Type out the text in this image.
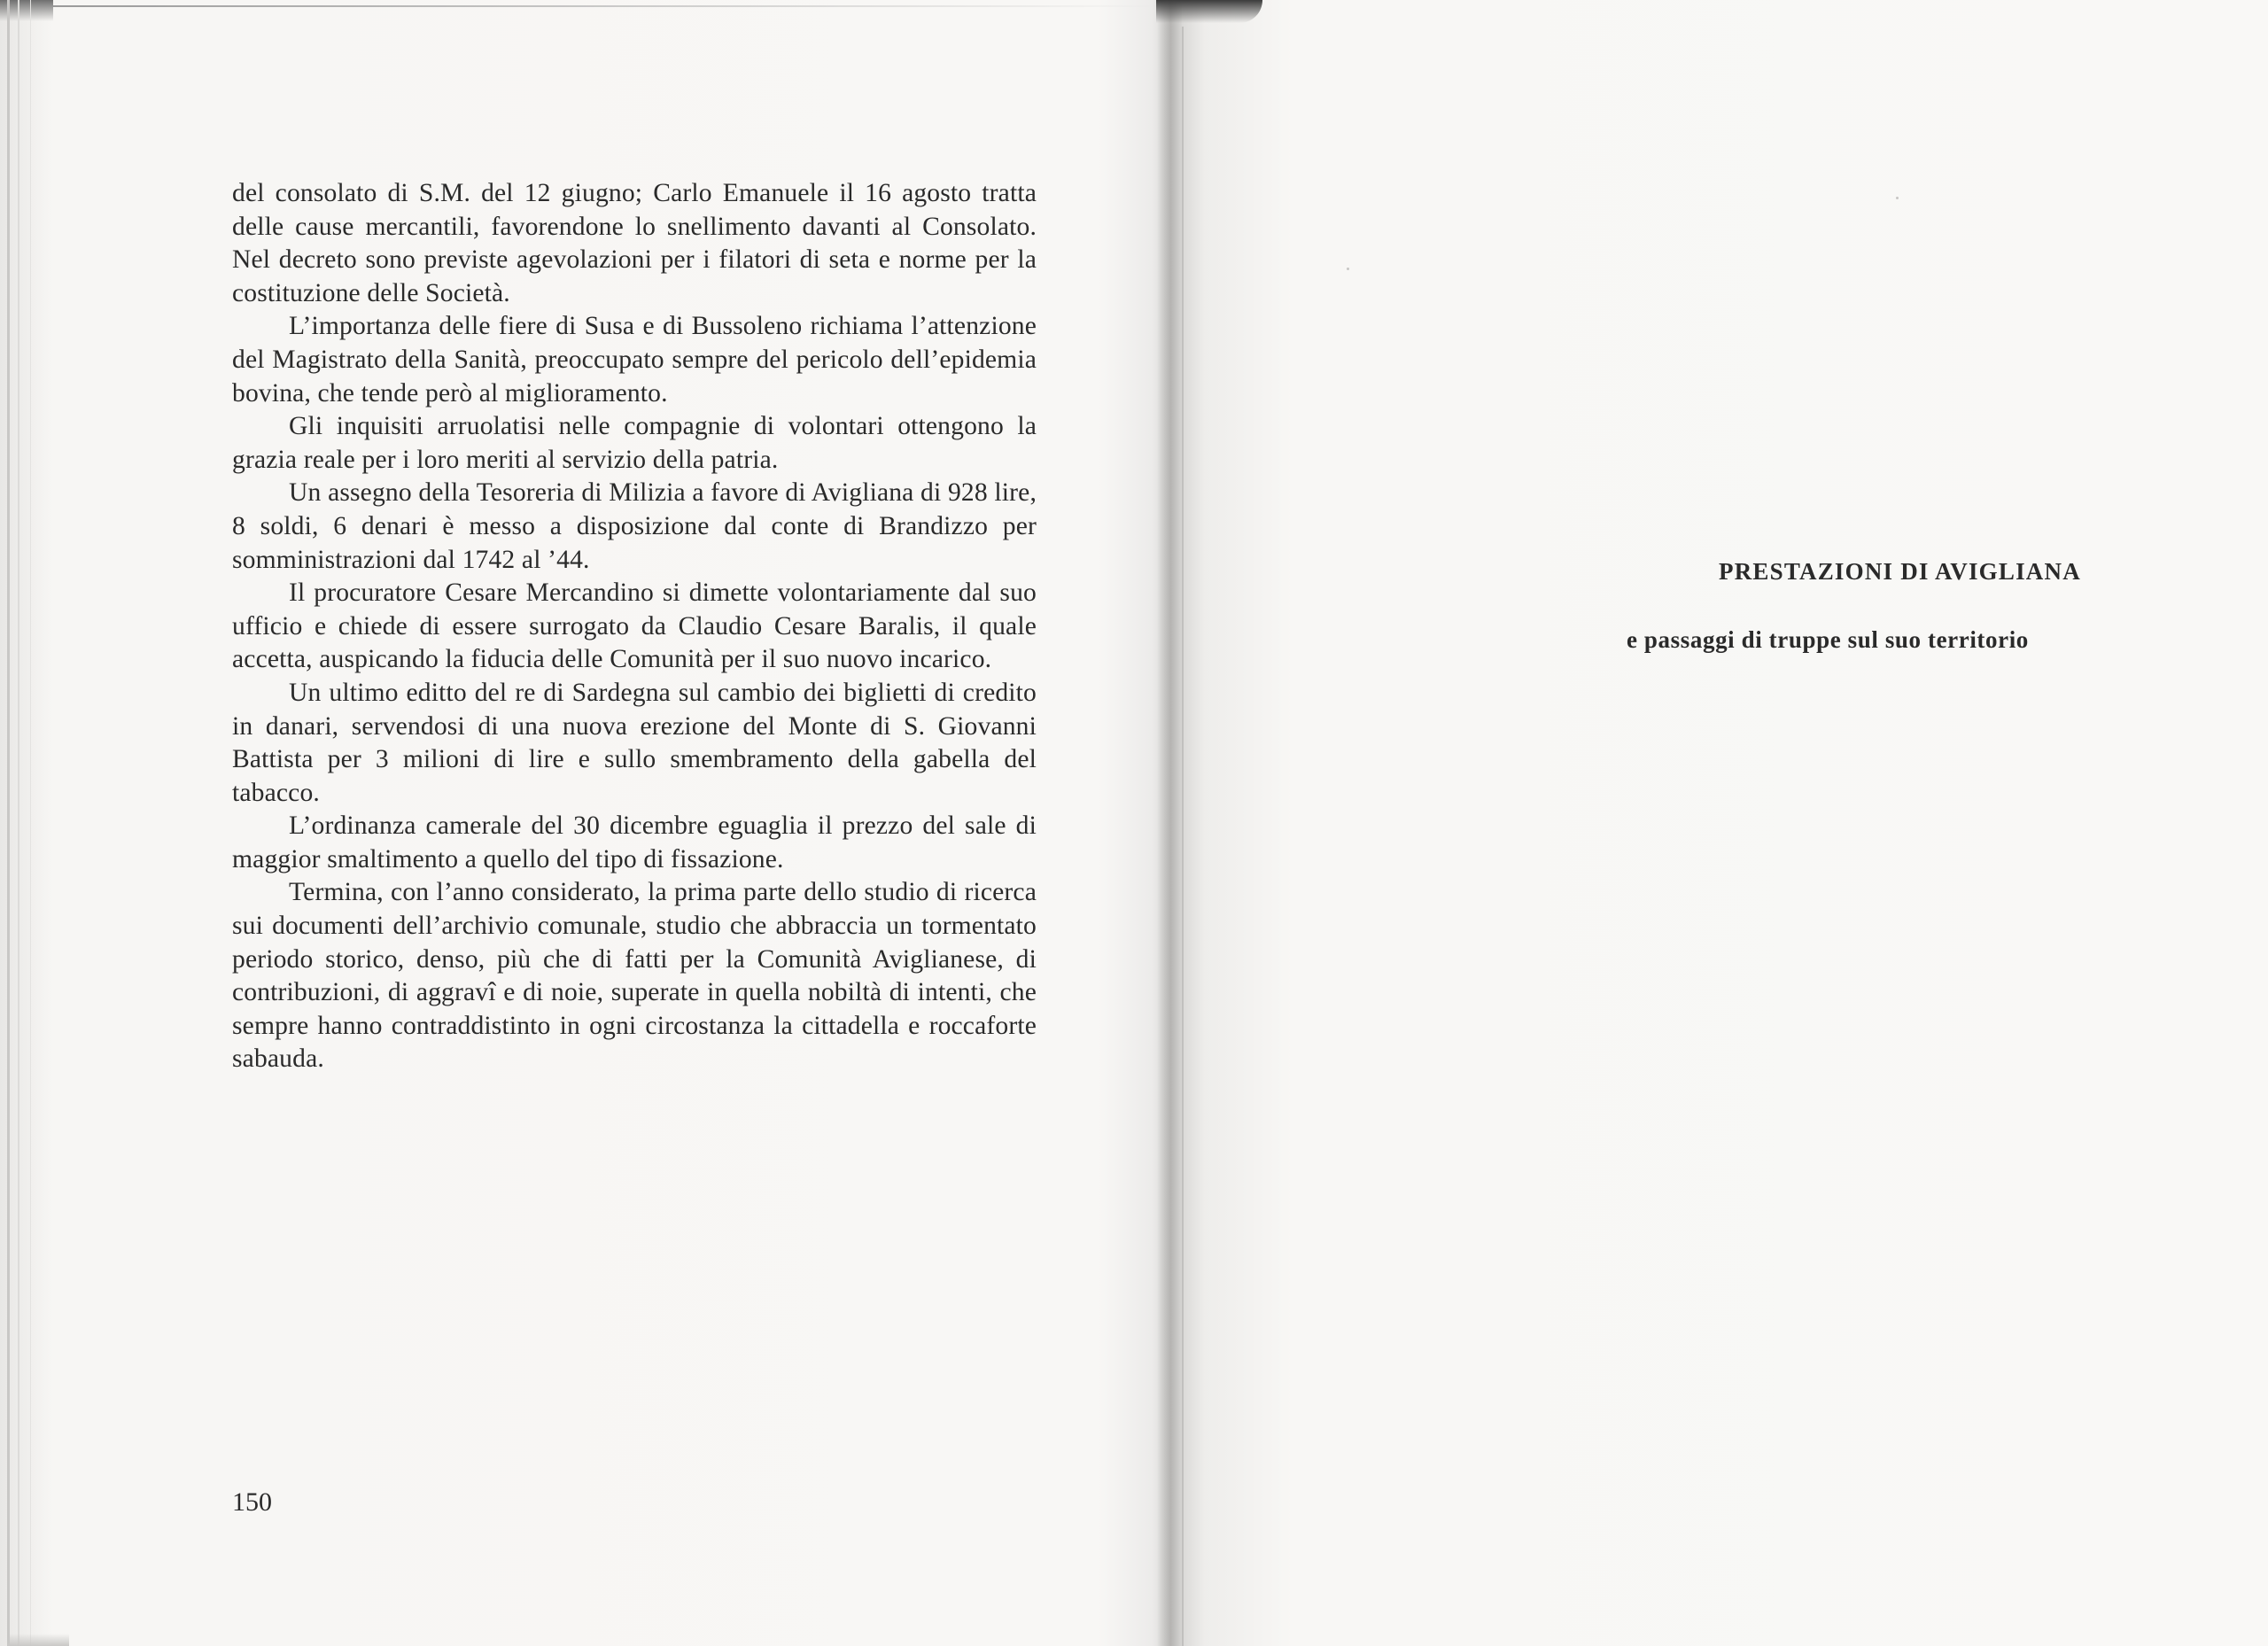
del consolato di S.M. del 12 giugno; Carlo Emanuele il 16 agosto tratta delle cause mercantili, favorendone lo snellimento davanti al Consolato. Nel decreto sono previste agevolazioni per i filatori di seta e norme per la costituzione delle Società.

L’importanza delle fiere di Susa e di Bussoleno richiama l’attenzione del Magistrato della Sanità, preoccupato sempre del pericolo dell’epidemia bovina, che tende però al miglioramento.

Gli inquisiti arruolatisi nelle compagnie di volontari ottengono la grazia reale per i loro meriti al servizio della patria.

Un assegno della Tesoreria di Milizia a favore di Avigliana di 928 lire, 8 soldi, 6 denari è messo a disposizione dal conte di Brandizzo per somministrazioni dal 1742 al ’44.

Il procuratore Cesare Mercandino si dimette volontariamente dal suo ufficio e chiede di essere surrogato da Claudio Cesare Baralis, il quale accetta, auspicando la fiducia delle Comunità per il suo nuovo incarico.

Un ultimo editto del re di Sardegna sul cambio dei biglietti di credito in danari, servendosi di una nuova erezione del Monte di S. Giovanni Battista per 3 milioni di lire e sullo smembramento della gabella del tabacco.

L’ordinanza camerale del 30 dicembre eguaglia il prezzo del sale di maggior smaltimento a quello del tipo di fissazione.

Termina, con l’anno considerato, la prima parte dello studio di ricerca sui documenti dell’archivio comunale, studio che abbraccia un tormentato periodo storico, denso, più che di fatti per la Comunità Aviglianese, di contribuzioni, di aggravî e di noie, superate in quella nobiltà di intenti, che sempre hanno contraddistinto in ogni circostanza la cittadella e roccaforte sabauda.

150
PRESTAZIONI DI AVIGLIANA
e passaggi di truppe sul suo territorio
